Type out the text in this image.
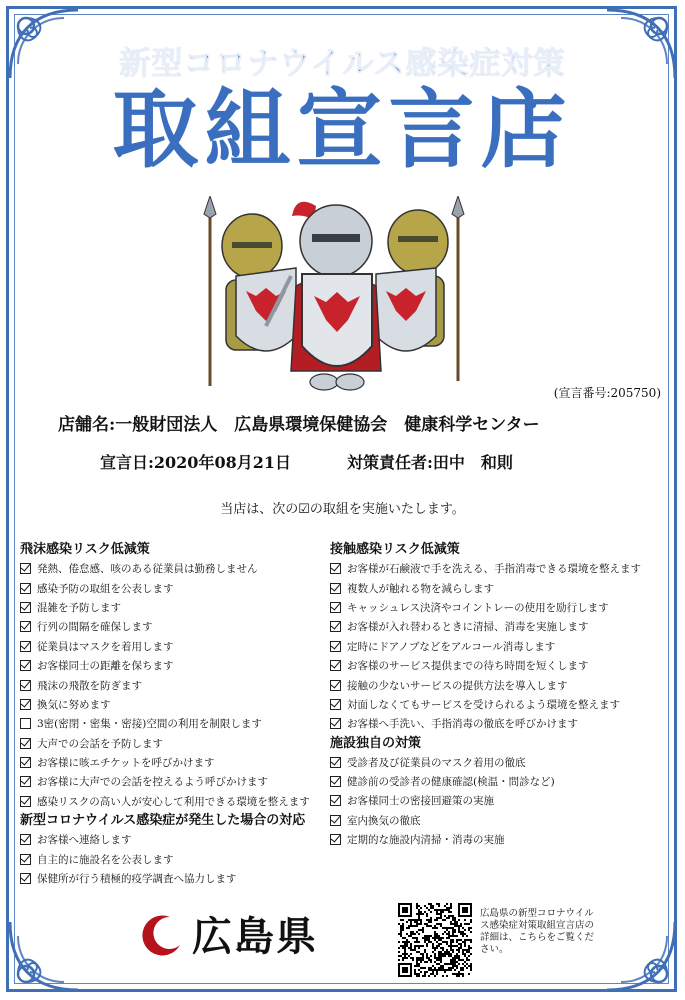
新型コロナウイルス感染症対策
取組宣言店
(宣言番号:205750)
店舗名:一般財団法人　広島県環境保健協会　健康科学センター
宣言日:2020年08月21日	対策責任者:田中　和則
当店は、次の☑の取組を実施いたします。
飛沫感染リスク低減策
発熱、倦怠感、咳のある従業員は勤務しません
感染予防の取組を公表します
混雑を予防します
行列の間隔を確保します
従業員はマスクを着用します
お客様同士の距離を保ちます
飛沫の飛散を防ぎます
換気に努めます
3密(密閉・密集・密接)空間の利用を制限します
大声での会話を予防します
お客様に咳エチケットを呼びかけます
お客様に大声での会話を控えるよう呼びかけます
感染リスクの高い人が安心して利用できる環境を整えます
新型コロナウイルス感染症が発生した場合の対応
お客様へ連絡します
自主的に施設名を公表します
保健所が行う積極的疫学調査へ協力します
接触感染リスク低減策
お客様が石鹸液で手を洗える、手指消毒できる環境を整えます
複数人が触れる物を減らします
キャッシュレス決済やコイントレーの使用を励行します
お客様が入れ替わるときに清掃、消毒を実施します
定時にドアノブなどをアルコール消毒します
お客様のサービス提供までの待ち時間を短くします
接触の少ないサービスの提供方法を導入します
対面しなくてもサービスを受けられるよう環境を整えます
お客様へ手洗い、手指消毒の徹底を呼びかけます
施設独自の対策
受診者及び従業員のマスク着用の徹底
健診前の受診者の健康確認(検温・問診など)
お客様同士の密接回避策の実施
室内換気の徹底
定期的な施設内清掃・消毒の実施
広島県
広島県の新型コロナウイルス感染症対策取組宣言店の詳細は、こちらをご覧ください。
